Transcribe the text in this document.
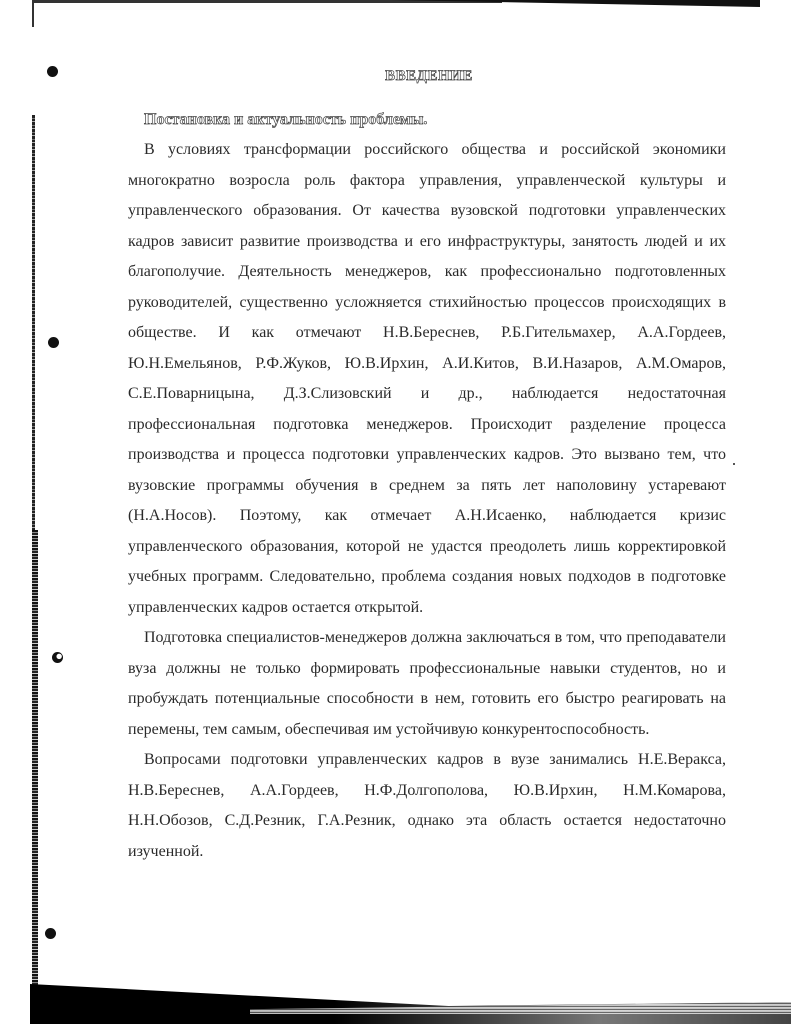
ВВЕДЕНИЕ
Постановка и актуальность проблемы.

В условиях трансформации российского общества и российской экономики многократно возросла роль фактора управления, управленческой культуры и управленческого образования. От качества вузовской подготовки управленческих кадров зависит развитие производства и его инфраструктуры, занятость людей и их благополучие. Деятельность менеджеров, как профессионально подготовленных руководителей, существенно усложняется стихийностью процессов происходящих в обществе. И как отмечают Н.В.Береснев, Р.Б.Гительмахер, А.А.Гордеев, Ю.Н.Емельянов, Р.Ф.Жуков, Ю.В.Ирхин, А.И.Китов, В.И.Назаров, А.М.Омаров, С.Е.Поварницына, Д.З.Слизовский и др., наблюдается недостаточная профессиональная подготовка менеджеров. Происходит разделение процесса производства и процесса подготовки управленческих кадров. Это вызвано тем, что вузовские программы обучения в среднем за пять лет наполовину устаревают (Н.А.Носов). Поэтому, как отмечает А.Н.Исаенко, наблюдается кризис управленческого образования, которой не удастся преодолеть лишь корректировкой учебных программ. Следовательно, проблема создания новых подходов в подготовке управленческих кадров остается открытой.

Подготовка специалистов-менеджеров должна заключаться в том, что преподаватели вуза должны не только формировать профессиональные навыки студентов, но и пробуждать потенциальные способности в нем, готовить его быстро реагировать на перемены, тем самым, обеспечивая им устойчивую конкурентоспособность.

Вопросами подготовки управленческих кадров в вузе занимались Н.Е.Веракса, Н.В.Береснев, А.А.Гордеев, Н.Ф.Долгополова, Ю.В.Ирхин, Н.М.Комарова, Н.Н.Обозов, С.Д.Резник, Г.А.Резник, однако эта область остается недостаточно изученной.
